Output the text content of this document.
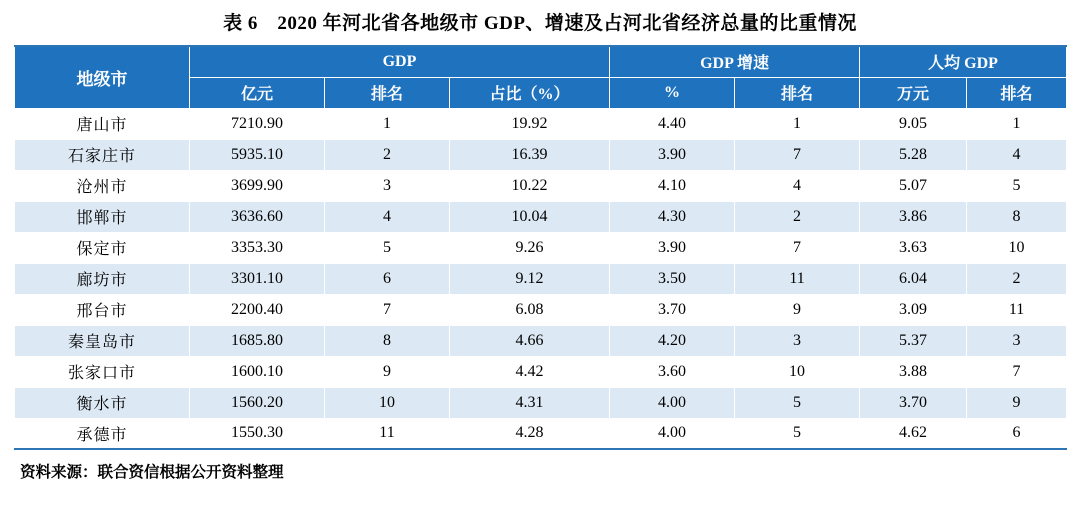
表 6　2020 年河北省各地级市 GDP、增速及占河北省经济总量的比重情况
地级市	GDP			GDP 增速		人均 GDP	
	亿元	排名	占比（%）	%	排名	万元	排名
唐山市	7210.90	1	19.92	4.40	1	9.05	1
石家庄市	5935.10	2	16.39	3.90	7	5.28	4
沧州市	3699.90	3	10.22	4.10	4	5.07	5
邯郸市	3636.60	4	10.04	4.30	2	3.86	8
保定市	3353.30	5	9.26	3.90	7	3.63	10
廊坊市	3301.10	6	9.12	3.50	11	6.04	2
邢台市	2200.40	7	6.08	3.70	9	3.09	11
秦皇岛市	1685.80	8	4.66	4.20	3	5.37	3
张家口市	1600.10	9	4.42	3.60	10	3.88	7
衡水市	1560.20	10	4.31	4.00	5	3.70	9
承德市	1550.30	11	4.28	4.00	5	4.62	6
资料来源：联合资信根据公开资料整理
